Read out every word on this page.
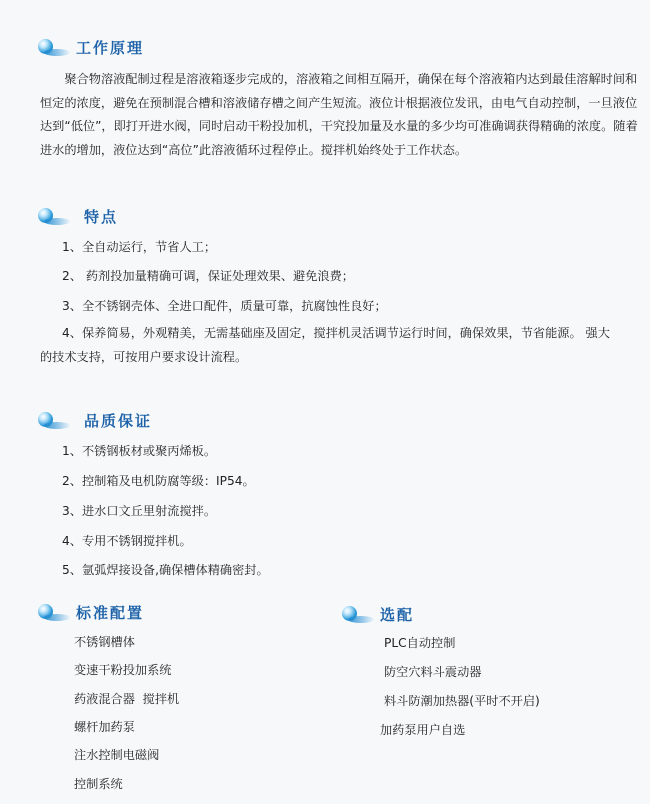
工作原理

聚合物溶液配制过程是溶液箱逐步完成的，溶液箱之间相互隔开，确保在每个溶液箱内达到最佳溶解时间和恒定的浓度，避免在预制混合槽和溶液储存槽之间产生短流。液位计根据液位发讯，由电气自动控制，一旦液位达到“低位”，即打开进水阀，同时启动干粉投加机，干究投加量及水量的多少均可准确调获得精确的浓度。随着进水的增加，液位达到“高位”此溶液循环过程停止。搅拌机始终处于工作状态。

特点
1、全自动运行，节省人工；
2、 药剂投加量精确可调，保证处理效果、避免浪费；
3、全不锈钢壳体、全进口配件，质量可靠，抗腐蚀性良好；
4、保养简易，外观精美，无需基础座及固定，搅拌机灵活调节运行时间，确保效果，节省能源。 强大的技术支持，可按用户要求设计流程。
品质保证
1、不锈钢板材或聚丙烯板。
2、控制箱及电机防腐等级：IP54。
3、进水口文丘里射流搅拌。
4、专用不锈钢搅拌机。
5、氩弧焊接设备,确保槽体精确密封。
标准配置
不锈钢槽体
变速干粉投加系统
药液混合器  搅拌机
螺杆加药泵
注水控制电磁阀
控制系统
选配
PLC自动控制
防空穴料斗震动器
料斗防潮加热器(平时不开启)
加药泵用户自选
